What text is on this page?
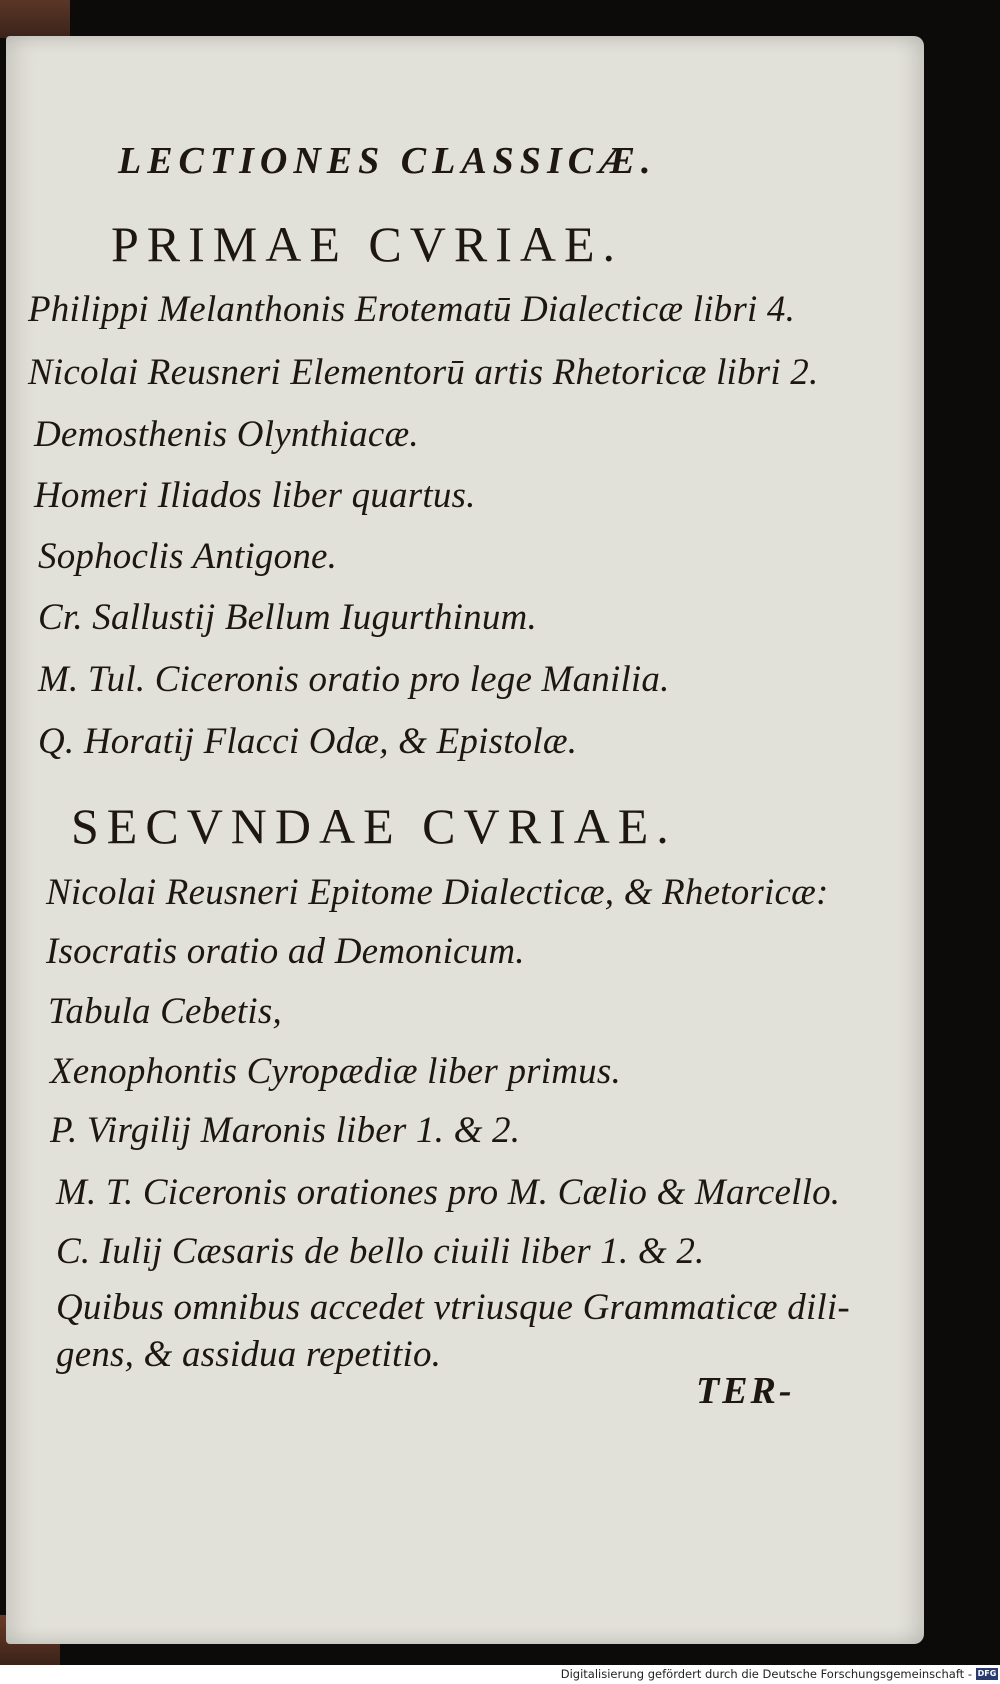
LECTIONES CLASSICÆ.
PRIMAE CVRIAE.
Philippi Melanthonis Erotematū Dialecticæ libri 4.
Nicolai Reusneri Elementorū artis Rhetoricæ libri 2.
Demosthenis Olynthiacæ.
Homeri Iliados liber quartus.
Sophoclis Antigone.
Cr. Sallustij Bellum Iugurthinum.
M. Tul. Ciceronis oratio pro lege Manilia.
Q. Horatij Flacci Odæ, & Epistolæ.
SECVNDAE CVRIAE.
Nicolai Reusneri Epitome Dialecticæ, & Rhetoricæ:
Isocratis oratio ad Demonicum.
Tabula Cebetis,
Xenophontis Cyropædiæ liber primus.
P. Virgilij Maronis liber 1. & 2.
M. T. Ciceronis orationes pro M. Cælio & Marcello.
C. Iulij Cæsaris de bello ciuili liber 1. & 2.
Quibus omnibus accedet vtriusque Grammaticæ dili-
gens, & assidua repetitio.
TER-
Digitalisierung gefördert durch die Deutsche Forschungsgemeinschaft - DFG
